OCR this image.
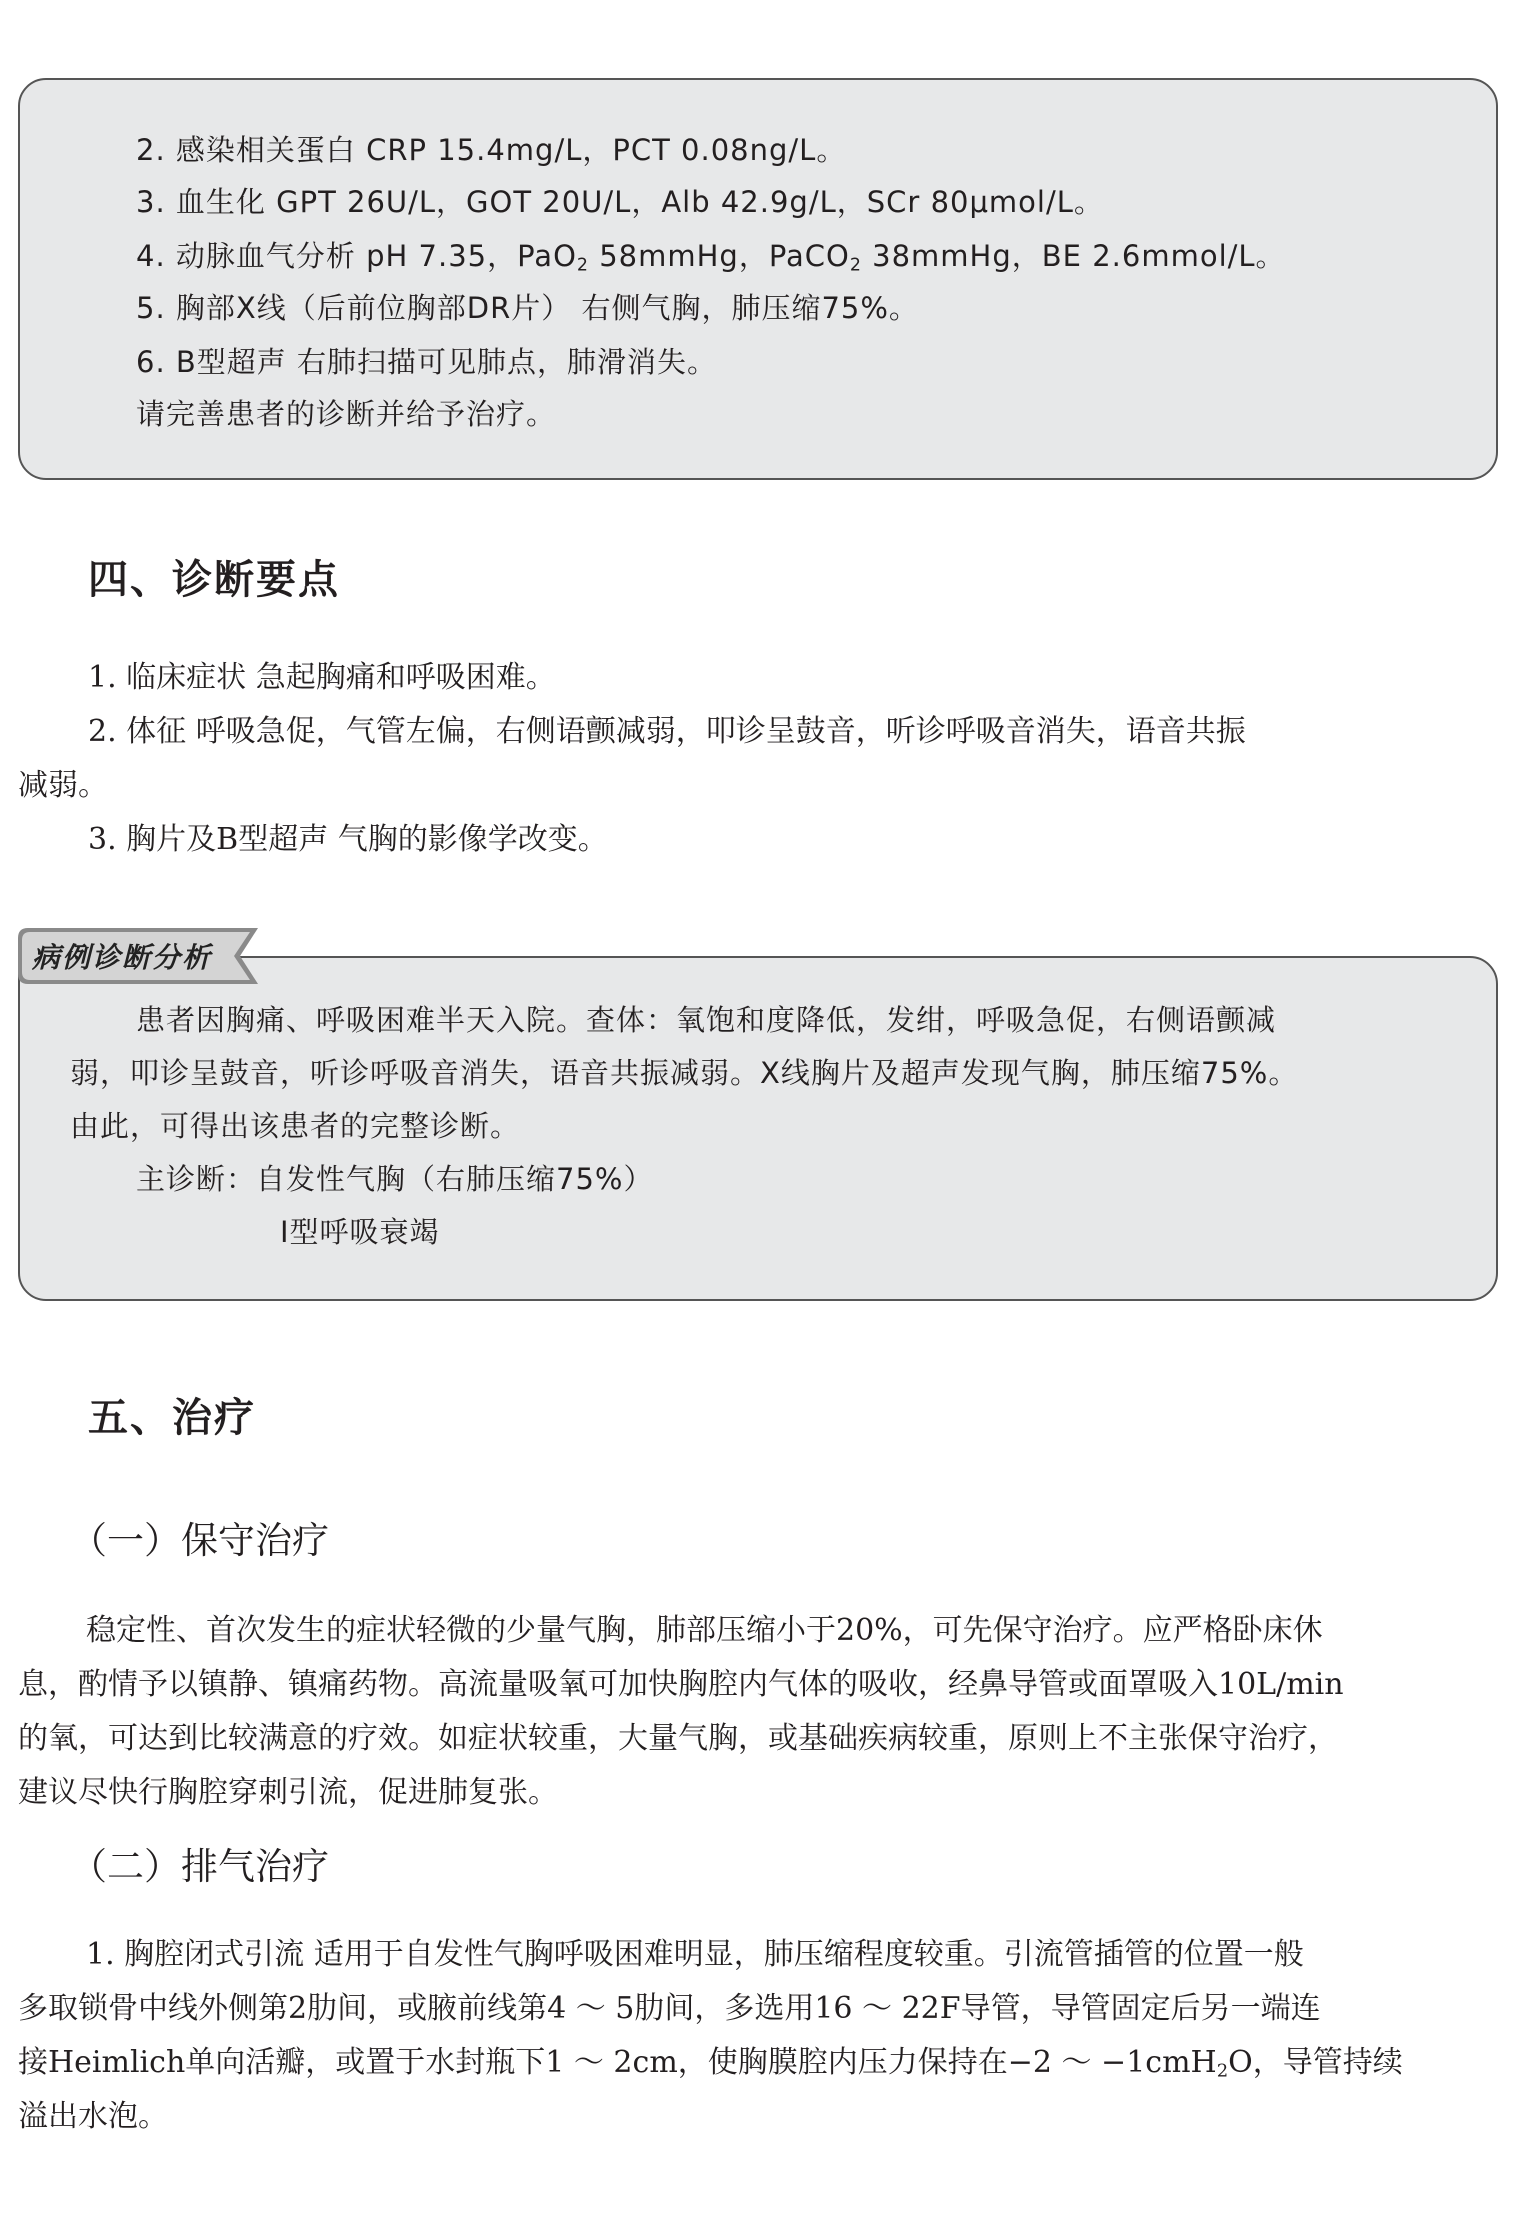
2. 感染相关蛋白 CRP 15.4mg/L，PCT 0.08ng/L。
3. 血生化 GPT 26U/L，GOT 20U/L，Alb 42.9g/L，SCr 80μmol/L。
4. 动脉血气分析 pH 7.35，PaO$_2$ 58mmHg，PaCO$_2$ 38mmHg，BE 2.6mmol/L。
5. 胸部X线（后前位胸部DR片） 右侧气胸，肺压缩75%。
6. B型超声 右肺扫描可见肺点，肺滑消失。
请完善患者的诊断并给予治疗。
四、诊断要点
1. 临床症状 急起胸痛和呼吸困难。
2. 体征 呼吸急促，气管左偏，右侧语颤减弱，叩诊呈鼓音，听诊呼吸音消失，语音共振
减弱。
3. 胸片及B型超声 气胸的影像学改变。
病例诊断分析
患者因胸痛、呼吸困难半天入院。查体：氧饱和度降低，发绀，呼吸急促，右侧语颤减
弱，叩诊呈鼓音，听诊呼吸音消失，语音共振减弱。X线胸片及超声发现气胸，肺压缩75%。
由此，可得出该患者的完整诊断。
主诊断：自发性气胸（右肺压缩75%）
Ⅰ型呼吸衰竭
五、治疗
（一）保守治疗
稳定性、首次发生的症状轻微的少量气胸，肺部压缩小于20%，可先保守治疗。应严格卧床休
息，酌情予以镇静、镇痛药物。高流量吸氧可加快胸腔内气体的吸收，经鼻导管或面罩吸入10L/min
的氧，可达到比较满意的疗效。如症状较重，大量气胸，或基础疾病较重，原则上不主张保守治疗，
建议尽快行胸腔穿刺引流，促进肺复张。
（二）排气治疗
1. 胸腔闭式引流 适用于自发性气胸呼吸困难明显，肺压缩程度较重。引流管插管的位置一般
多取锁骨中线外侧第2肋间，或腋前线第4 ～ 5肋间，多选用16 ～ 22F导管，导管固定后另一端连
接Heimlich单向活瓣，或置于水封瓶下1 ～ 2cm，使胸膜腔内压力保持在−2 ～ −1cmH$_2$O，导管持续
溢出水泡。
